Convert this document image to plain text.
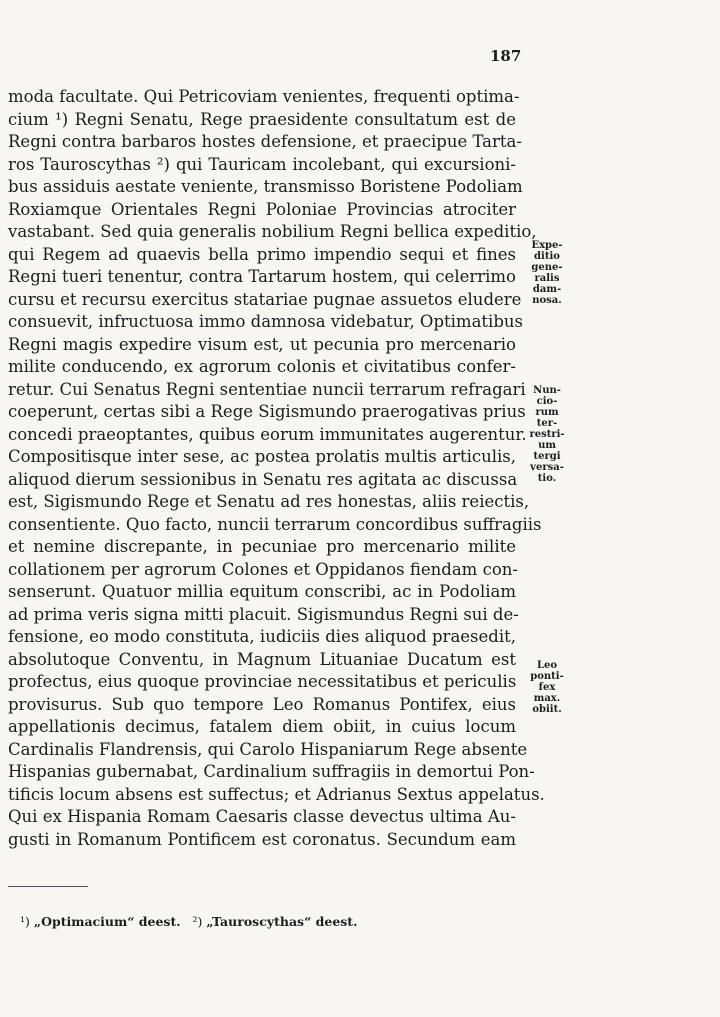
187
moda facultate. Qui Petricoviam venientes, frequenti optima-
cium ¹) Regni Senatu, Rege praesidente consultatum est de
Regni contra barbaros hostes defensione, et praecipue Tarta-
ros Tauroscythas ²) qui Tauricam incolebant, qui excursioni-
bus assiduis aestate veniente, transmisso Boristene Podoliam
Roxiamque Orientales Regni Poloniae Provincias atrociter
vastabant. Sed quia generalis nobilium Regni bellica expeditio,
qui Regem ad quaevis bella primo impendio sequi et fines
Regni tueri tenentur, contra Tartarum hostem, qui celerrimo
cursu et recursu exercitus statariae pugnae assuetos eludere
consuevit, infructuosa immo damnosa videbatur, Optimatibus
Regni magis expedire visum est, ut pecunia pro mercenario
milite conducendo, ex agrorum colonis et civitatibus confer-
retur. Cui Senatus Regni sententiae nuncii terrarum refragari
coeperunt, certas sibi a Rege Sigismundo praerogativas prius
concedi praeoptantes, quibus eorum immunitates augerentur.
Compositisque inter sese, ac postea prolatis multis articulis,
aliquod dierum sessionibus in Senatu res agitata ac discussa
est, Sigismundo Rege et Senatu ad res honestas, aliis reiectis,
consentiente. Quo facto, nuncii terrarum concordibus suffragiis
et nemine discrepante, in pecuniae pro mercenario milite
collationem per agrorum Colones et Oppidanos fiendam con-
senserunt. Quatuor millia equitum conscribi, ac in Podoliam
ad prima veris signa mitti placuit. Sigismundus Regni sui de-
fensione, eo modo constituta, iudiciis dies aliquod praesedit,
absolutoque Conventu, in Magnum Lituaniae Ducatum est
profectus, eius quoque provinciae necessitatibus et periculis
provisurus. Sub quo tempore Leo Romanus Pontifex, eius
appellationis decimus, fatalem diem obiit, in cuius locum
Cardinalis Flandrensis, qui Carolo Hispaniarum Rege absente
Hispanias gubernabat, Cardinalium suffragiis in demortui Pon-
tificis locum absens est suffectus; et Adrianus Sextus appelatus.
Qui ex Hispania Romam Caesaris classe devectus ultima Au-
gusti in Romanum Pontificem est coronatus. Secundum eam
Expe-
ditio
gene-
ralis
dam-
nosa.
Nun-
cio-
rum
ter-
restri-
um
tergi
versa-
tio.
Leo
ponti-
fex
max.
obiit.
¹) „Optimacium“ deest. ²) „Tauroscythas“ deest.
